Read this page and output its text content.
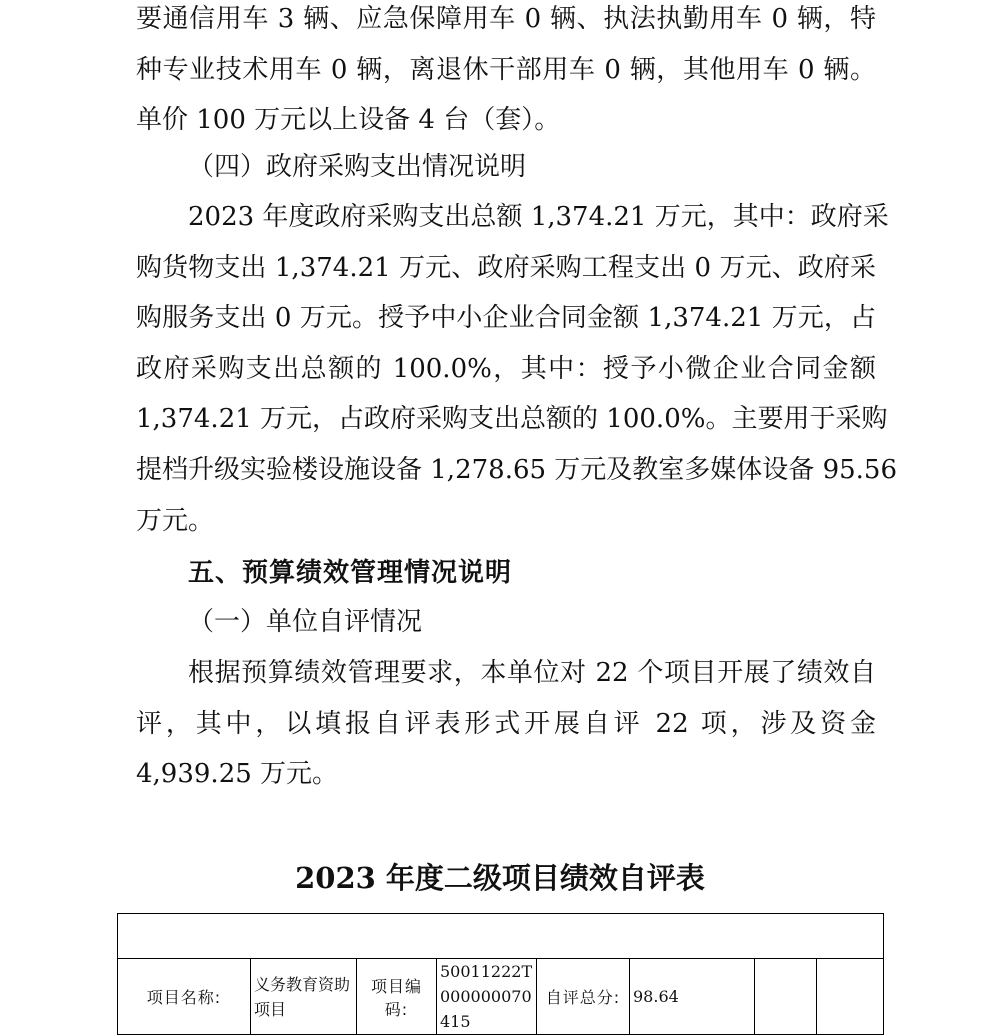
要通信用车 3 辆、应急保障用车 0 辆、执法执勤用车 0 辆，特
种专业技术用车 0 辆，离退休干部用车 0 辆，其他用车 0 辆。
单价 100 万元以上设备 4 台（套）。
（四）政府采购支出情况说明
2023 年度政府采购支出总额 1,374.21 万元，其中：政府采
购货物支出 1,374.21 万元、政府采购工程支出 0 万元、政府采
购服务支出 0 万元。授予中小企业合同金额 1,374.21 万元，占
政府采购支出总额的 100.0%，其中：授予小微企业合同金额
1,374.21 万元，占政府采购支出总额的 100.0%。主要用于采购
提档升级实验楼设施设备 1,278.65 万元及教室多媒体设备 95.56
万元。
五、预算绩效管理情况说明
（一）单位自评情况
根据预算绩效管理要求，本单位对 22 个项目开展了绩效自
评，其中，以填报自评表形式开展自评 22 项，涉及资金
4,939.25 万元。
2023 年度二级项目绩效自评表

项目名称:	义务教育资助项目	项目编码:	50011222T000000070415	自评总分:	98.64		
